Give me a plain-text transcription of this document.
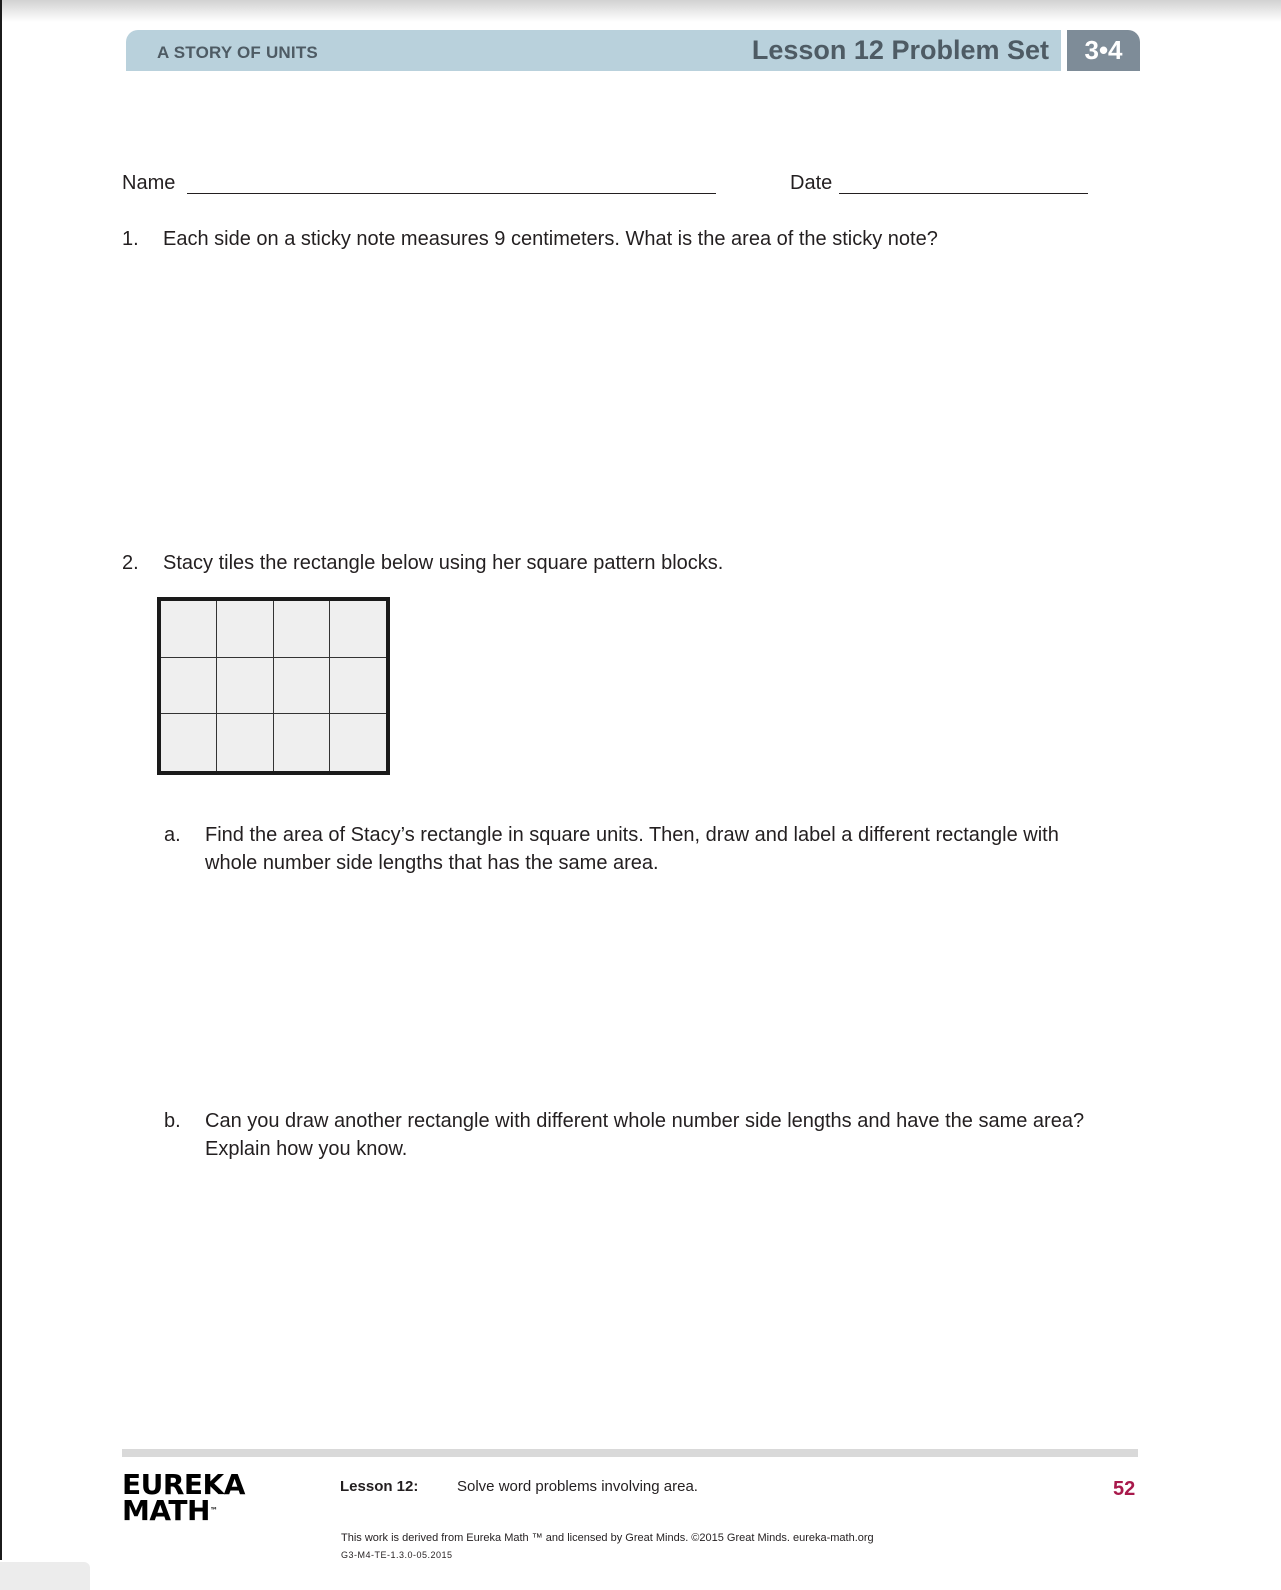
A STORY OF UNITS	Lesson 12 Problem Set	3•4
Name	Date
1. Each side on a sticky note measures 9 centimeters. What is the area of the sticky note?
2. Stacy tiles the rectangle below using her square pattern blocks.
a. Find the area of Stacy’s rectangle in square units. Then, draw and label a different rectangle with whole number side lengths that has the same area.
b. Can you draw another rectangle with different whole number side lengths and have the same area? Explain how you know.
EUREKA
MATH™
Lesson 12:	Solve word problems involving area.	52
This work is derived from Eureka Math ™ and licensed by Great Minds. ©2015 Great Minds. eureka-math.org
G3-M4-TE-1.3.0-05.2015
